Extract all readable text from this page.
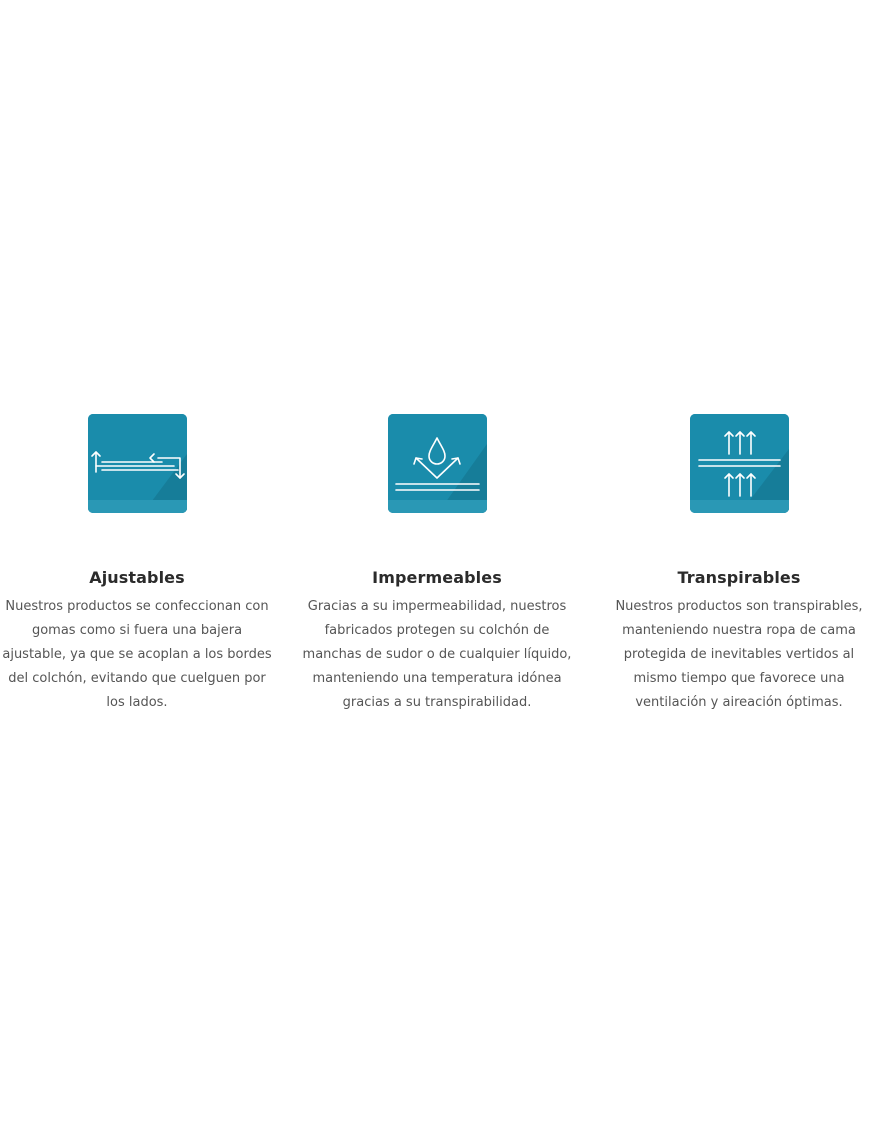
Ajustables
Nuestros productos se confeccionan con
gomas como si fuera una bajera
ajustable, ya que se acoplan a los bordes
del colchón, evitando que cuelguen por
los lados.
Impermeables
Gracias a su impermeabilidad, nuestros
fabricados protegen su colchón de
manchas de sudor o de cualquier líquido,
manteniendo una temperatura idónea
gracias a su transpirabilidad.
Transpirables
Nuestros productos son transpirables,
manteniendo nuestra ropa de cama
protegida de inevitables vertidos al
mismo tiempo que favorece una
ventilación y aireación óptimas.
